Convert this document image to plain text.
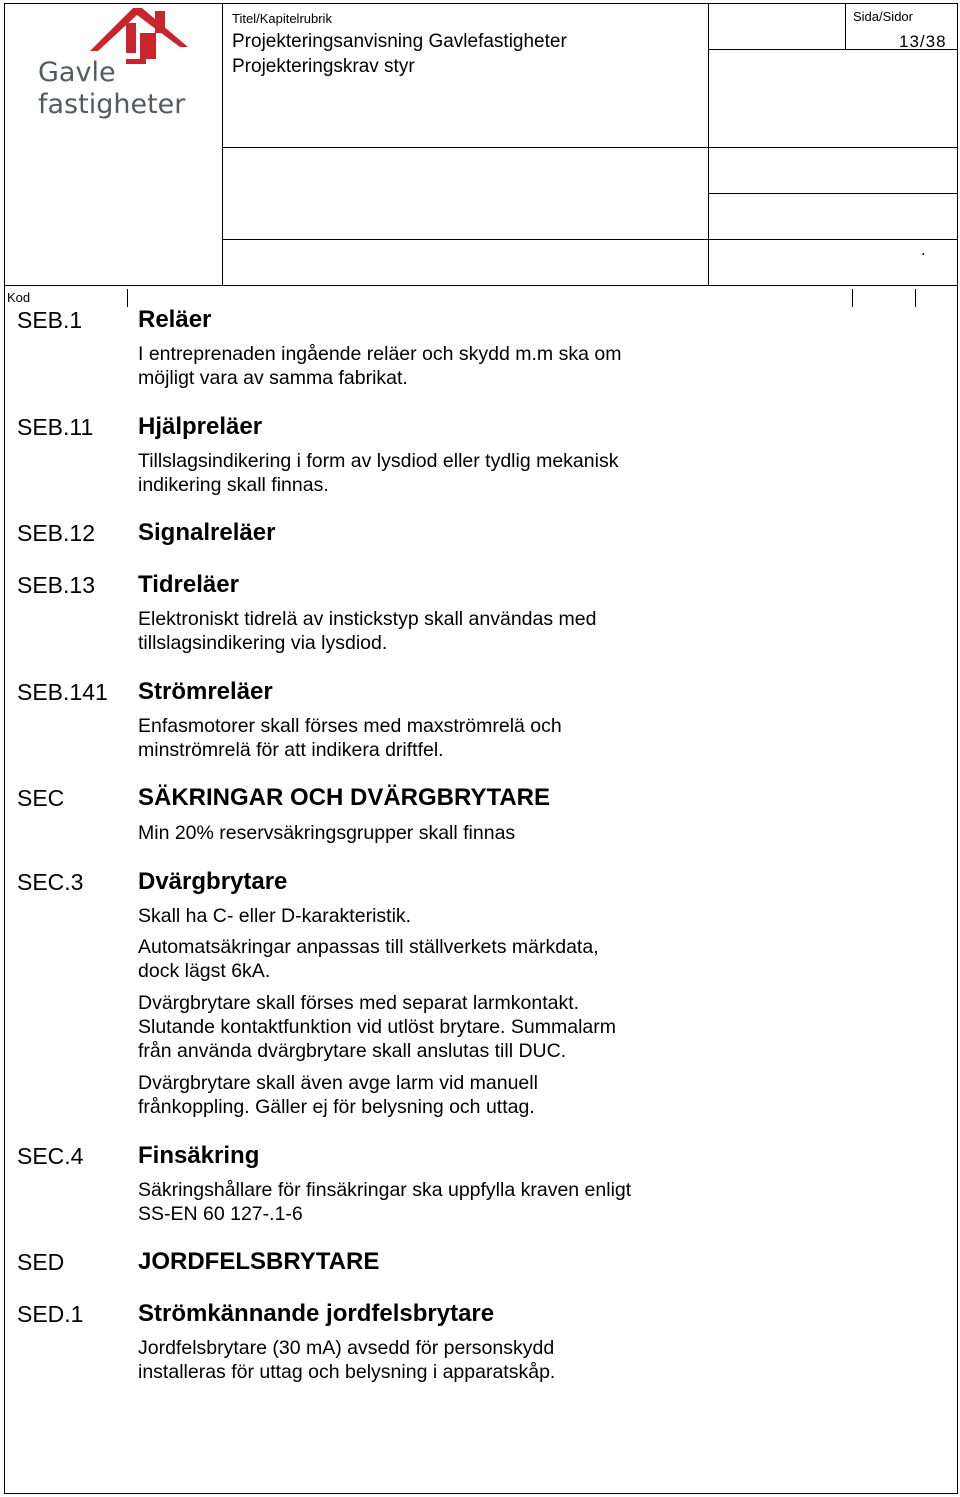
Gavle
fastigheter
Titel/Kapitelrubrik
Projekteringsanvisning Gavlefastigheter
Projekteringskrav styr
Sida/Sidor
13/38
.
Kod
SEB.1 Reläer
I entreprenaden ingående reläer och skydd m.m ska om
möjligt vara av samma fabrikat.
SEB.11 Hjälpreläer
Tillslagsindikering i form av lysdiod eller tydlig mekanisk
indikering skall finnas.
SEB.12 Signalreläer
SEB.13 Tidreläer
Elektroniskt tidrelä av instickstyp skall användas med
tillslagsindikering via lysdiod.
SEB.141 Strömreläer
Enfasmotorer skall förses med maxströmrelä och
minströmrelä för att indikera driftfel.
SEC	SÄKRINGAR OCH DVÄRGBRYTARE
Min 20% reservsäkringsgrupper skall finnas
SEC.3 Dvärgbrytare
Skall ha C- eller D-karakteristik.
Automatsäkringar anpassas till ställverkets märkdata,
dock lägst 6kA.
Dvärgbrytare skall förses med separat larmkontakt.
Slutande kontaktfunktion vid utlöst brytare. Summalarm
från använda dvärgbrytare skall anslutas till DUC.
Dvärgbrytare skall även avge larm vid manuell
frånkoppling. Gäller ej för belysning och uttag.
SEC.4 Finsäkring
Säkringshållare för finsäkringar ska uppfylla kraven enligt
SS-EN 60 127-.1-6
SED	JORDFELSBRYTARE
SED.1 Strömkännande jordfelsbrytare
Jordfelsbrytare (30 mA) avsedd för personskydd
installeras för uttag och belysning i apparatskåp.
